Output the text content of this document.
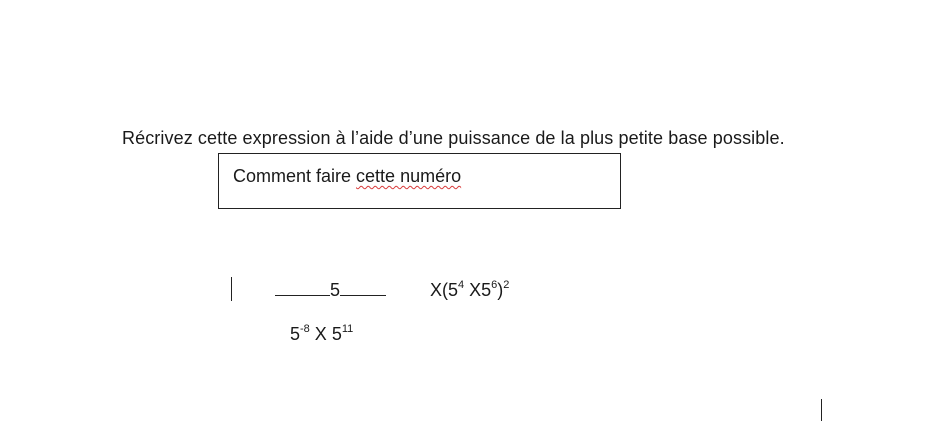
Récrivez cette expression à l’aide d’une puissance de la plus petite base possible.
Comment faire cette numéro
5
$5^{-8}$ X $5^{11}$
$X(5^4$ $X5^6)^2$
